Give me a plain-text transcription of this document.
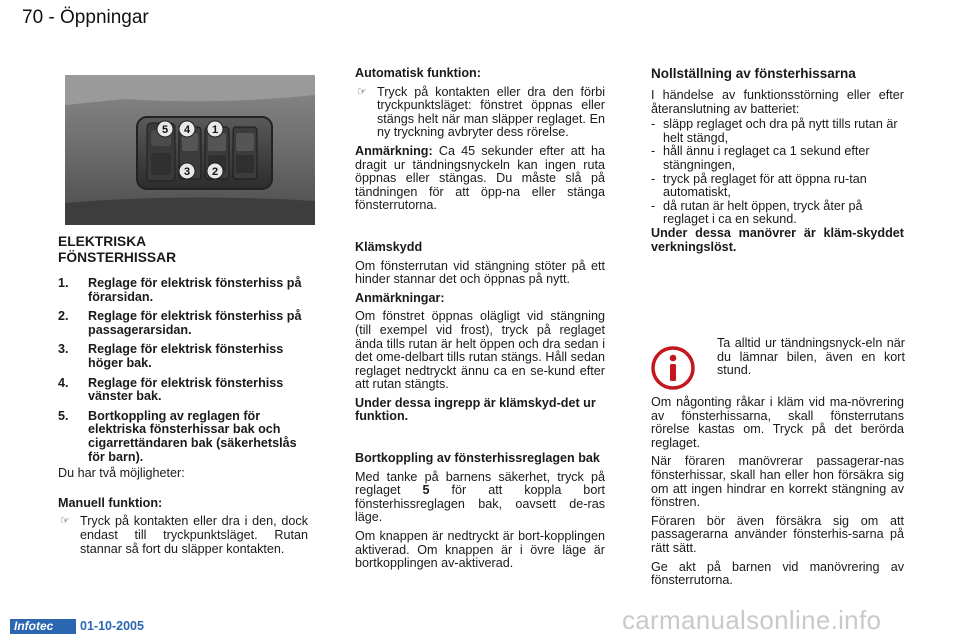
70 - Öppningar
5 4 1
3 2

ELEKTRISKA

FÖNSTERHISSAR

1. Reglage för elektrisk fönsterhiss på förarsidan.
2. Reglage för elektrisk fönsterhiss på passagerarsidan.
3. Reglage för elektrisk fönsterhiss höger bak.
4. Reglage för elektrisk fönsterhiss vänster bak.
5. Bortkoppling av reglagen för elektriska fönsterhissar bak och cigarrettändaren bak (säkerhetslås för barn).

Du har två möjligheter:

Manuell funktion:

☞ Tryck på kontakten eller dra i den, dock endast till tryckpunktsläget. Rutan stannar så fort du släpper kontakten.

Automatisk funktion:

☞ Tryck på kontakten eller dra den förbi tryckpunktsläget: fönstret öppnas eller stängs helt när man släpper reglaget. En ny tryckning avbryter dess rörelse.

Anmärkning: Ca 45 sekunder efter att ha dragit ur tändningsnyckeln kan ingen ruta öppnas eller stängas. Du måste slå på tändningen för att öpp-na eller stänga fönsterrutorna.

Klämskydd

Om fönsterrutan vid stängning stöter på ett hinder stannar det och öppnas på nytt.

Anmärkningar:

Om fönstret öppnas olägligt vid stängning (till exempel vid frost), tryck på reglaget ända tills rutan är helt öppen och dra sedan i det ome-delbart tills rutan stängs. Håll sedan reglaget nedtryckt ännu ca en se-kund efter att rutan stängts.

Under dessa ingrepp är klämskyd-det ur funktion.

Bortkoppling av fönsterhissreglagen bak

Med tanke på barnens säkerhet, tryck på reglaget 5 för att koppla bort fönsterhissreglagen bak, oavsett de-ras läge.

Om knappen är nedtryckt är bort-kopplingen aktiverad. Om knappen är i övre läge är bortkopplingen av-aktiverad.

Nollställning av fönsterhissarna

I händelse av funktionsstörning eller efter återanslutning av batteriet:

- släpp reglaget och dra på nytt tills rutan är helt stängd,
- håll ännu i reglaget ca 1 sekund efter stängningen,
- tryck på reglaget för att öppna ru-tan automatiskt,
- då rutan är helt öppen, tryck åter på reglaget i ca en sekund.

Under dessa manövrer är kläm-skyddet verkningslöst.

Ta alltid ur tändningsnyck-eln när du lämnar bilen, även en kort stund.

Om någonting råkar i kläm vid ma-növrering av fönsterhissarna, skall fönsterrutans rörelse kastas om. Tryck på det berörda reglaget.

När föraren manövrerar passagerar-nas fönsterhissar, skall han eller hon försäkra sig om att ingen hindrar en korrekt stängning av fönstren.

Föraren bör även försäkra sig om att passagerarna använder fönsterhis-sarna på rätt sätt.

Ge akt på barnen vid manövrering av fönsterrutorna.

Infotec	01-10-2005	carmanualsonline.info
